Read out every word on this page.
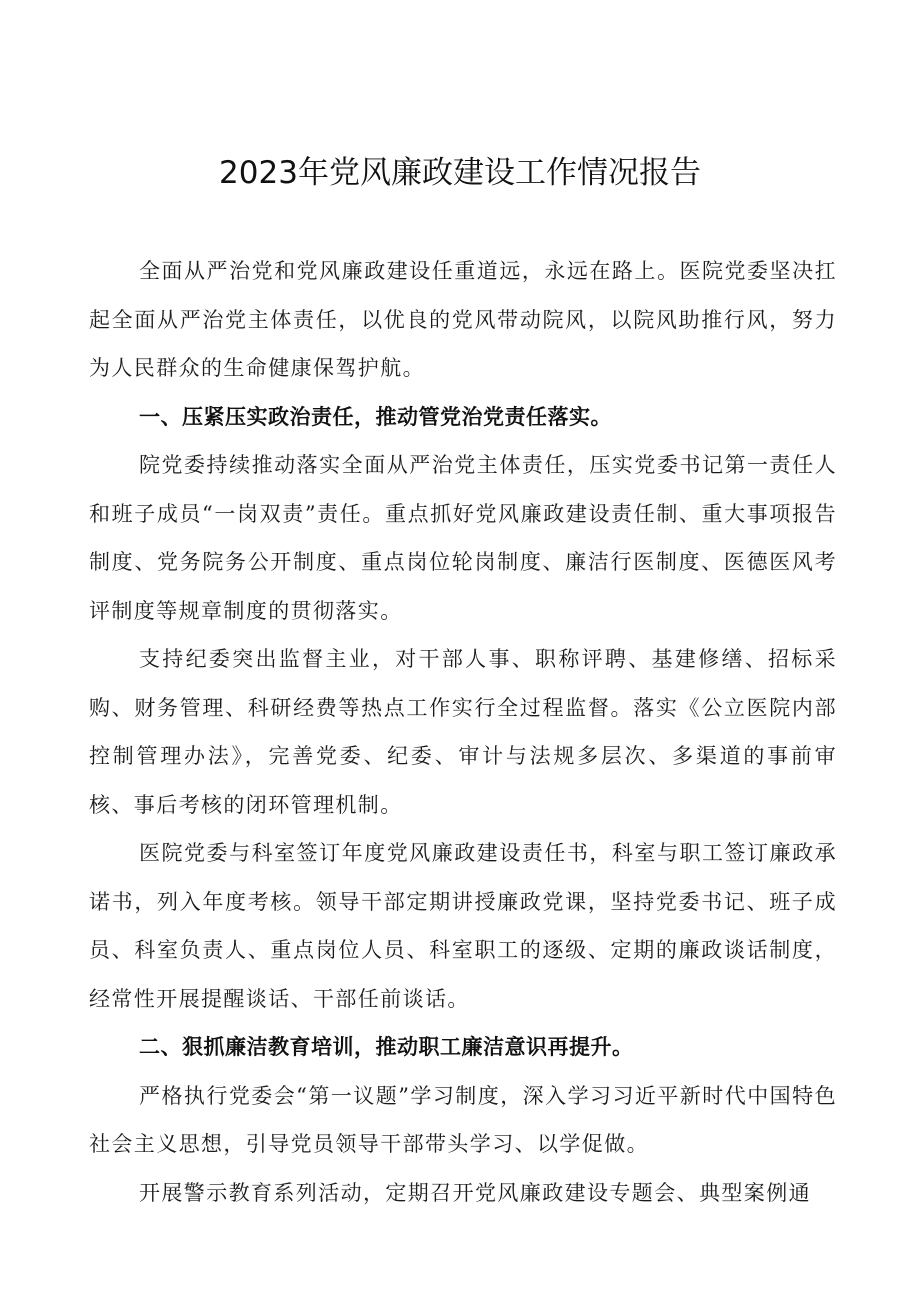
2023年党风廉政建设工作情况报告

全面从严治党和党风廉政建设任重道远，永远在路上。医院党委坚决扛起全面从严治党主体责任，以优良的党风带动院风，以院风助推行风，努力为人民群众的生命健康保驾护航。

一、压紧压实政治责任，推动管党治党责任落实。

院党委持续推动落实全面从严治党主体责任，压实党委书记第一责任人和班子成员“一岗双责”责任。重点抓好党风廉政建设责任制、重大事项报告制度、党务院务公开制度、重点岗位轮岗制度、廉洁行医制度、医德医风考评制度等规章制度的贯彻落实。

支持纪委突出监督主业，对干部人事、职称评聘、基建修缮、招标采购、财务管理、科研经费等热点工作实行全过程监督。落实《公立医院内部控制管理办法》，完善党委、纪委、审计与法规多层次、多渠道的事前审核、事后考核的闭环管理机制。

医院党委与科室签订年度党风廉政建设责任书，科室与职工签订廉政承诺书，列入年度考核。领导干部定期讲授廉政党课，坚持党委书记、班子成员、科室负责人、重点岗位人员、科室职工的逐级、定期的廉政谈话制度，经常性开展提醒谈话、干部任前谈话。

二、狠抓廉洁教育培训，推动职工廉洁意识再提升。

严格执行党委会“第一议题”学习制度，深入学习习近平新时代中国特色社会主义思想，引导党员领导干部带头学习、以学促做。

开展警示教育系列活动，定期召开党风廉政建设专题会、典型案例通
